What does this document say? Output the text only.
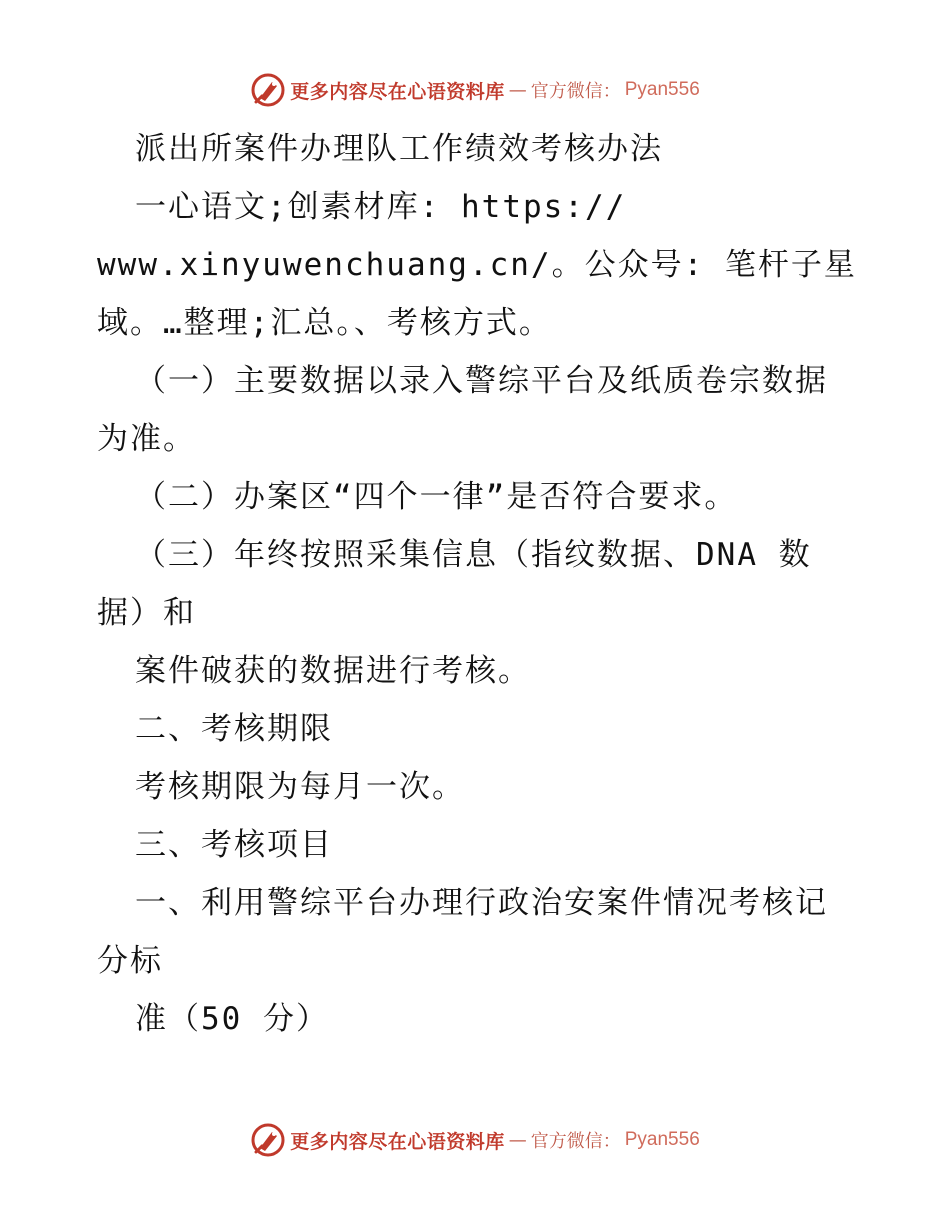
更多内容尽在心语资料库 — 官方微信： Pyan556
派出所案件办理队工作绩效考核办法
一心语文;创素材库: https://
www.xinyuwenchuang.cn/。公众号: 笔杆子星
域。…整理;汇总。、考核方式。
（一）主要数据以录入警综平台及纸质卷宗数据
为准。
（二）办案区“四个一律”是否符合要求。
（三）年终按照采集信息（指纹数据、DNA 数
据）和
案件破获的数据进行考核。
二、考核期限
考核期限为每月一次。
三、考核项目
一、利用警综平台办理行政治安案件情况考核记
分标
准（50 分）
更多内容尽在心语资料库 — 官方微信： Pyan556
